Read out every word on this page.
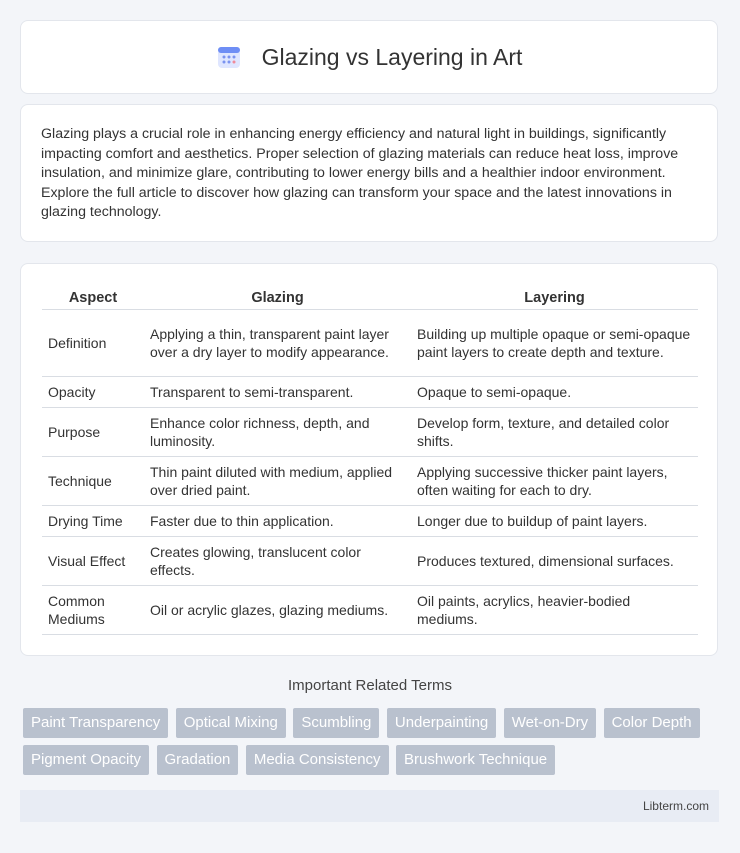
Glazing vs Layering in Art
Glazing plays a crucial role in enhancing energy efficiency and natural light in buildings, significantly impacting comfort and aesthetics. Proper selection of glazing materials can reduce heat loss, improve insulation, and minimize glare, contributing to lower energy bills and a healthier indoor environment. Explore the full article to discover how glazing can transform your space and the latest innovations in glazing technology.
Aspect	Glazing	Layering
Definition	Applying a thin, transparent paint layer over a dry layer to modify appearance.	Building up multiple opaque or semi-opaque paint layers to create depth and texture.
Opacity	Transparent to semi-transparent.	Opaque to semi-opaque.
Purpose	Enhance color richness, depth, and luminosity.	Develop form, texture, and detailed color shifts.
Technique	Thin paint diluted with medium, applied over dried paint.	Applying successive thicker paint layers, often waiting for each to dry.
Drying Time	Faster due to thin application.	Longer due to buildup of paint layers.
Visual Effect	Creates glowing, translucent color effects.	Produces textured, dimensional surfaces.
Common Mediums	Oil or acrylic glazes, glazing mediums.	Oil paints, acrylics, heavier-bodied mediums.
Important Related Terms
Paint Transparency Optical Mixing Scumbling Underpainting Wet-on-Dry Color Depth Pigment Opacity Gradation Media Consistency Brushwork Technique
Libterm.com
